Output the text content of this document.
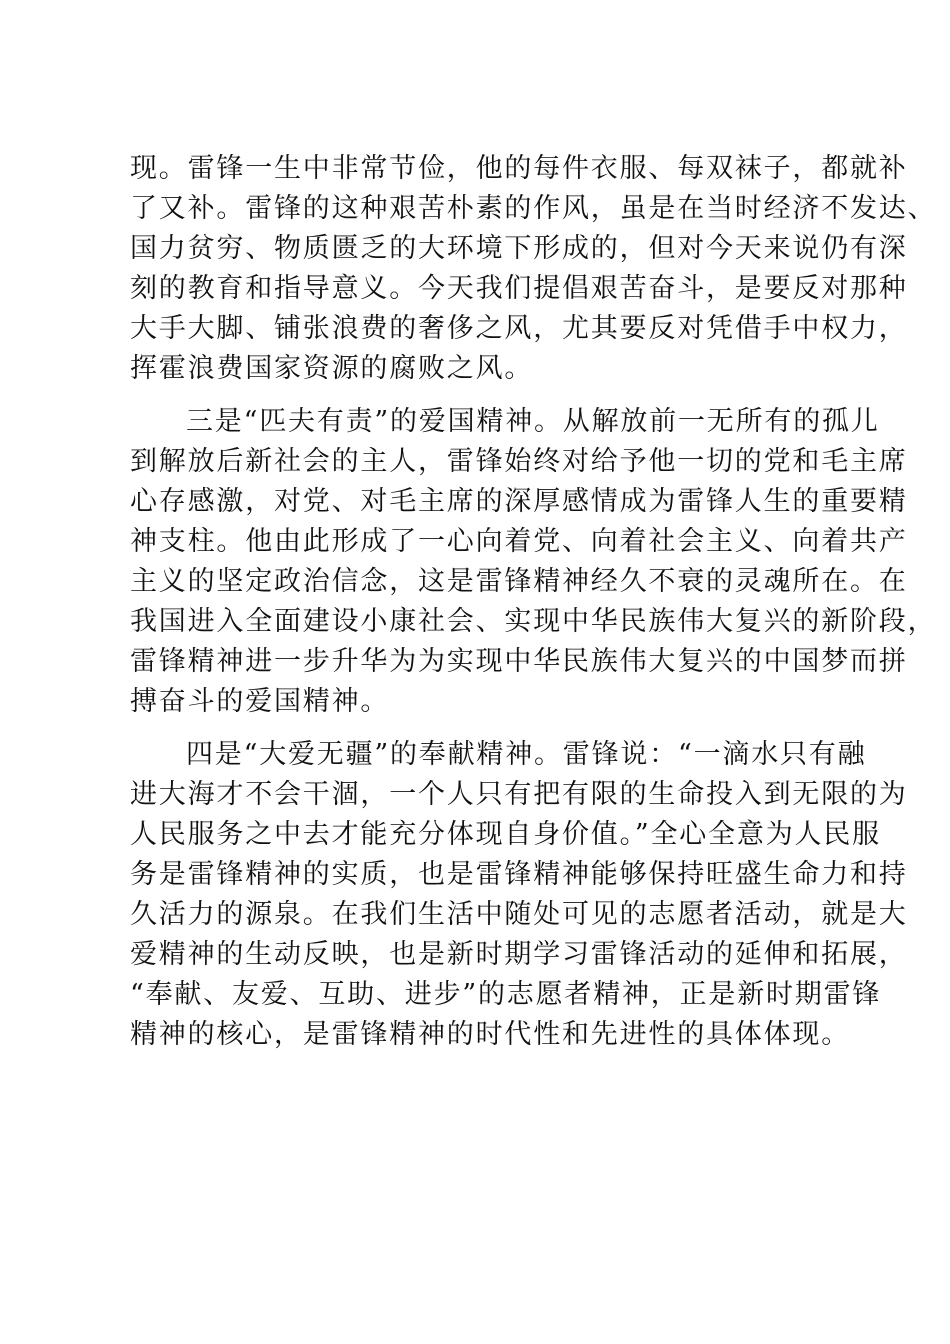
现。雷锋一生中非常节俭，他的每件衣服、每双袜子，都就补
了又补。雷锋的这种艰苦朴素的作风，虽是在当时经济不发达、
国力贫穷、物质匮乏的大环境下形成的，但对今天来说仍有深
刻的教育和指导意义。今天我们提倡艰苦奋斗，是要反对那种
大手大脚、铺张浪费的奢侈之风，尤其要反对凭借手中权力，
挥霍浪费国家资源的腐败之风。
三是“匹夫有责”的爱国精神。从解放前一无所有的孤儿
到解放后新社会的主人，雷锋始终对给予他一切的党和毛主席
心存感激，对党、对毛主席的深厚感情成为雷锋人生的重要精
神支柱。他由此形成了一心向着党、向着社会主义、向着共产
主义的坚定政治信念，这是雷锋精神经久不衰的灵魂所在。在
我国进入全面建设小康社会、实现中华民族伟大复兴的新阶段，
雷锋精神进一步升华为为实现中华民族伟大复兴的中国梦而拼
搏奋斗的爱国精神。
四是“大爱无疆”的奉献精神。雷锋说：“一滴水只有融
进大海才不会干涸，一个人只有把有限的生命投入到无限的为
人民服务之中去才能充分体现自身价值。”全心全意为人民服
务是雷锋精神的实质，也是雷锋精神能够保持旺盛生命力和持
久活力的源泉。在我们生活中随处可见的志愿者活动，就是大
爱精神的生动反映，也是新时期学习雷锋活动的延伸和拓展，
“奉献、友爱、互助、进步”的志愿者精神，正是新时期雷锋
精神的核心，是雷锋精神的时代性和先进性的具体体现。
